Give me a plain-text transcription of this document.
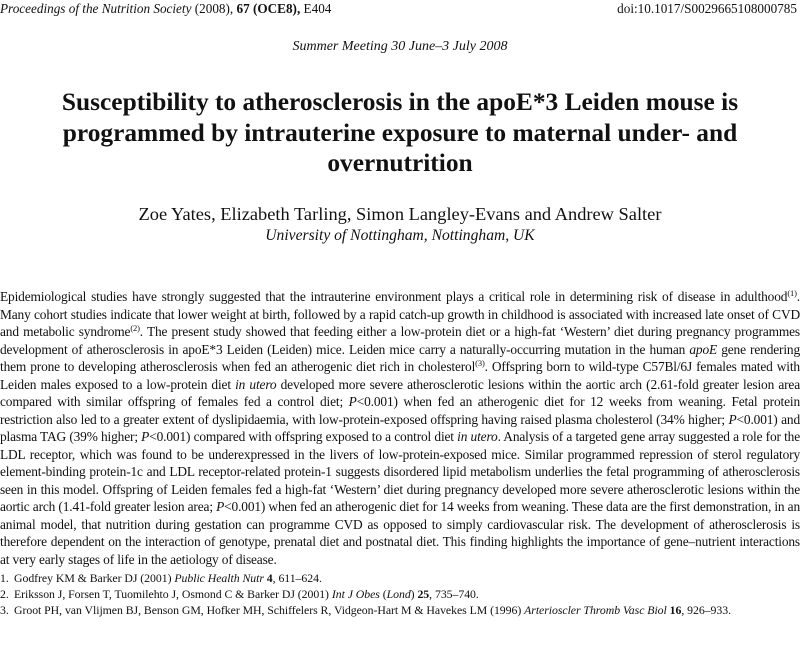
Proceedings of the Nutrition Society (2008), 67 (OCE8), E404	doi:10.1017/S0029665108000785
Summer Meeting 30 June–3 July 2008
Susceptibility to atherosclerosis in the apoE*3 Leiden mouse is programmed by intrauterine exposure to maternal under- and overnutrition
Zoe Yates, Elizabeth Tarling, Simon Langley-Evans and Andrew Salter
University of Nottingham, Nottingham, UK

Epidemiological studies have strongly suggested that the intrauterine environment plays a critical role in determining risk of disease in adulthood$^{(1)}$. Many cohort studies indicate that lower weight at birth, followed by a rapid catch-up growth in childhood is associated with increased late onset of CVD and metabolic syndrome$^{(2)}$. The present study showed that feeding either a low-protein diet or a high-fat ‘Western’ diet during pregnancy programmes development of atherosclerosis in apoE*3 Leiden (Leiden) mice. Leiden mice carry a naturally-occurring mutation in the human apoE gene rendering them prone to developing atherosclerosis when fed an atherogenic diet rich in cholesterol$^{(3)}$. Offspring born to wild-type C57Bl/6J females mated with Leiden males exposed to a low-protein diet in utero developed more severe atherosclerotic lesions within the aortic arch (2.61-fold greater lesion area compared with similar offspring of females fed a control diet; P<0.001) when fed an atherogenic diet for 12 weeks from weaning. Fetal protein restriction also led to a greater extent of dyslipidaemia, with low-protein-exposed offspring having raised plasma cholesterol (34% higher; P<0.001) and plasma TAG (39% higher; P<0.001) compared with offspring exposed to a control diet in utero. Analysis of a targeted gene array suggested a role for the LDL receptor, which was found to be underexpressed in the livers of low-protein-exposed mice. Similar programmed repression of sterol regulatory element-binding protein-1c and LDL receptor-related protein-1 suggests disordered lipid metabolism underlies the fetal programming of atherosclerosis seen in this model. Offspring of Leiden females fed a high-fat ‘Western’ diet during pregnancy developed more severe atherosclerotic lesions within the aortic arch (1.41-fold greater lesion area; P<0.001) when fed an atherogenic diet for 14 weeks from weaning. These data are the first demonstration, in an animal model, that nutrition during gestation can programme CVD as opposed to simply cardiovascular risk. The development of atherosclerosis is therefore dependent on the interaction of genotype, prenatal diet and postnatal diet. This finding highlights the importance of gene–nutrient interactions at very early stages of life in the aetiology of disease.

1. Godfrey KM & Barker DJ (2001) Public Health Nutr 4, 611–624.
2. Eriksson J, Forsen T, Tuomilehto J, Osmond C & Barker DJ (2001) Int J Obes (Lond) 25, 735–740.
3. Groot PH, van Vlijmen BJ, Benson GM, Hofker MH, Schiffelers R, Vidgeon-Hart M & Havekes LM (1996) Arterioscler Thromb Vasc Biol 16, 926–933.
